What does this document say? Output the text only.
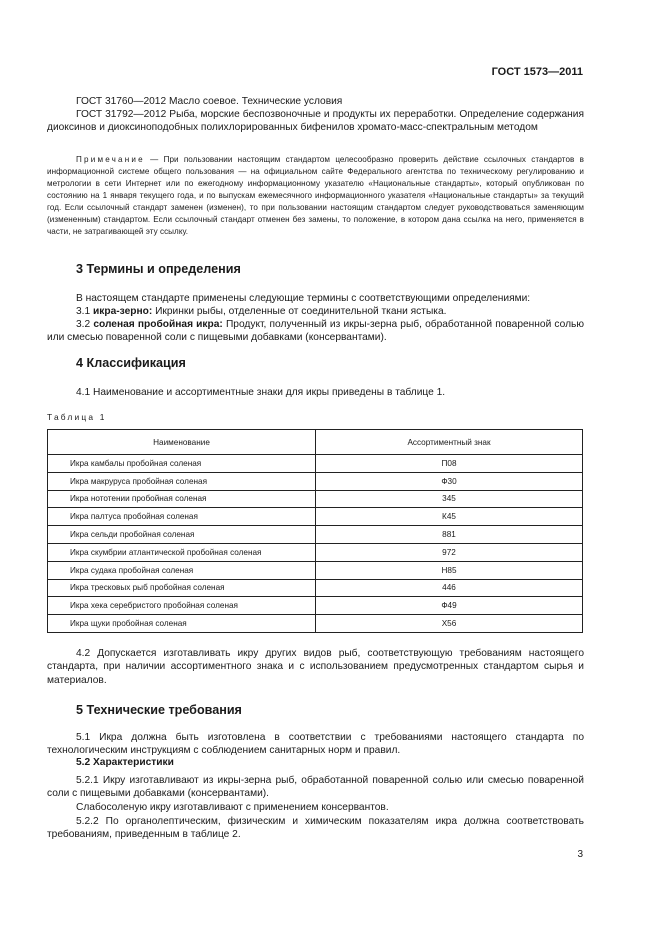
ГОСТ 1573—2011
ГОСТ 31760—2012 Масло соевое. Технические условия
ГОСТ 31792—2012 Рыба, морские беспозвоночные и продукты их переработки. Определение содержания диоксинов и диоксиноподобных полихлорированных бифенилов хромато-масс-спектральным методом
Примечание — При пользовании настоящим стандартом целесообразно проверить действие ссылочных стандартов в информационной системе общего пользования — на официальном сайте Федерального агентства по техническому регулированию и метрологии в сети Интернет или по ежегодному информационному указателю «Национальные стандарты», который опубликован по состоянию на 1 января текущего года, и по выпускам ежемесячного информационного указателя «Национальные стандарты» за текущий год. Если ссылочный стандарт заменен (изменен), то при пользовании настоящим стандартом следует руководствоваться заменяющим (измененным) стандартом. Если ссылочный стандарт отменен без замены, то положение, в котором дана ссылка на него, применяется в части, не затрагивающей эту ссылку.
3 Термины и определения
В настоящем стандарте применены следующие термины с соответствующими определениями:
3.1 икра-зерно: Икринки рыбы, отделенные от соединительной ткани ястыка.
3.2 соленая пробойная икра: Продукт, полученный из икры-зерна рыб, обработанной поваренной солью или смесью поваренной соли с пищевыми добавками (консервантами).
4 Классификация
4.1 Наименование и ассортиментные знаки для икры приведены в таблице 1.
Таблица 1
Наименование	Ассортиментный знак
Икра камбалы пробойная соленая	П08
Икра макруруса пробойная соленая	Ф30
Икра нототении пробойная соленая	345
Икра палтуса пробойная соленая	К45
Икра сельди пробойная соленая	881
Икра скумбрии атлантической пробойная соленая	972
Икра судака пробойная соленая	Н85
Икра тресковых рыб пробойная соленая	446
Икра хека серебристого пробойная соленая	Ф49
Икра щуки пробойная соленая	Х56
4.2 Допускается изготавливать икру других видов рыб, соответствующую требованиям настоящего стандарта, при наличии ассортиментного знака и с использованием предусмотренных стандартом сырья и материалов.
5 Технические требования
5.1 Икра должна быть изготовлена в соответствии с требованиями настоящего стандарта по технологическим инструкциям с соблюдением санитарных норм и правил.
5.2 Характеристики
5.2.1 Икру изготавливают из икры-зерна рыб, обработанной поваренной солью или смесью поваренной соли с пищевыми добавками (консервантами).
Слабосоленую икру изготавливают с применением консервантов.
5.2.2 По органолептическим, физическим и химическим показателям икра должна соответствовать требованиям, приведенным в таблице 2.
3
